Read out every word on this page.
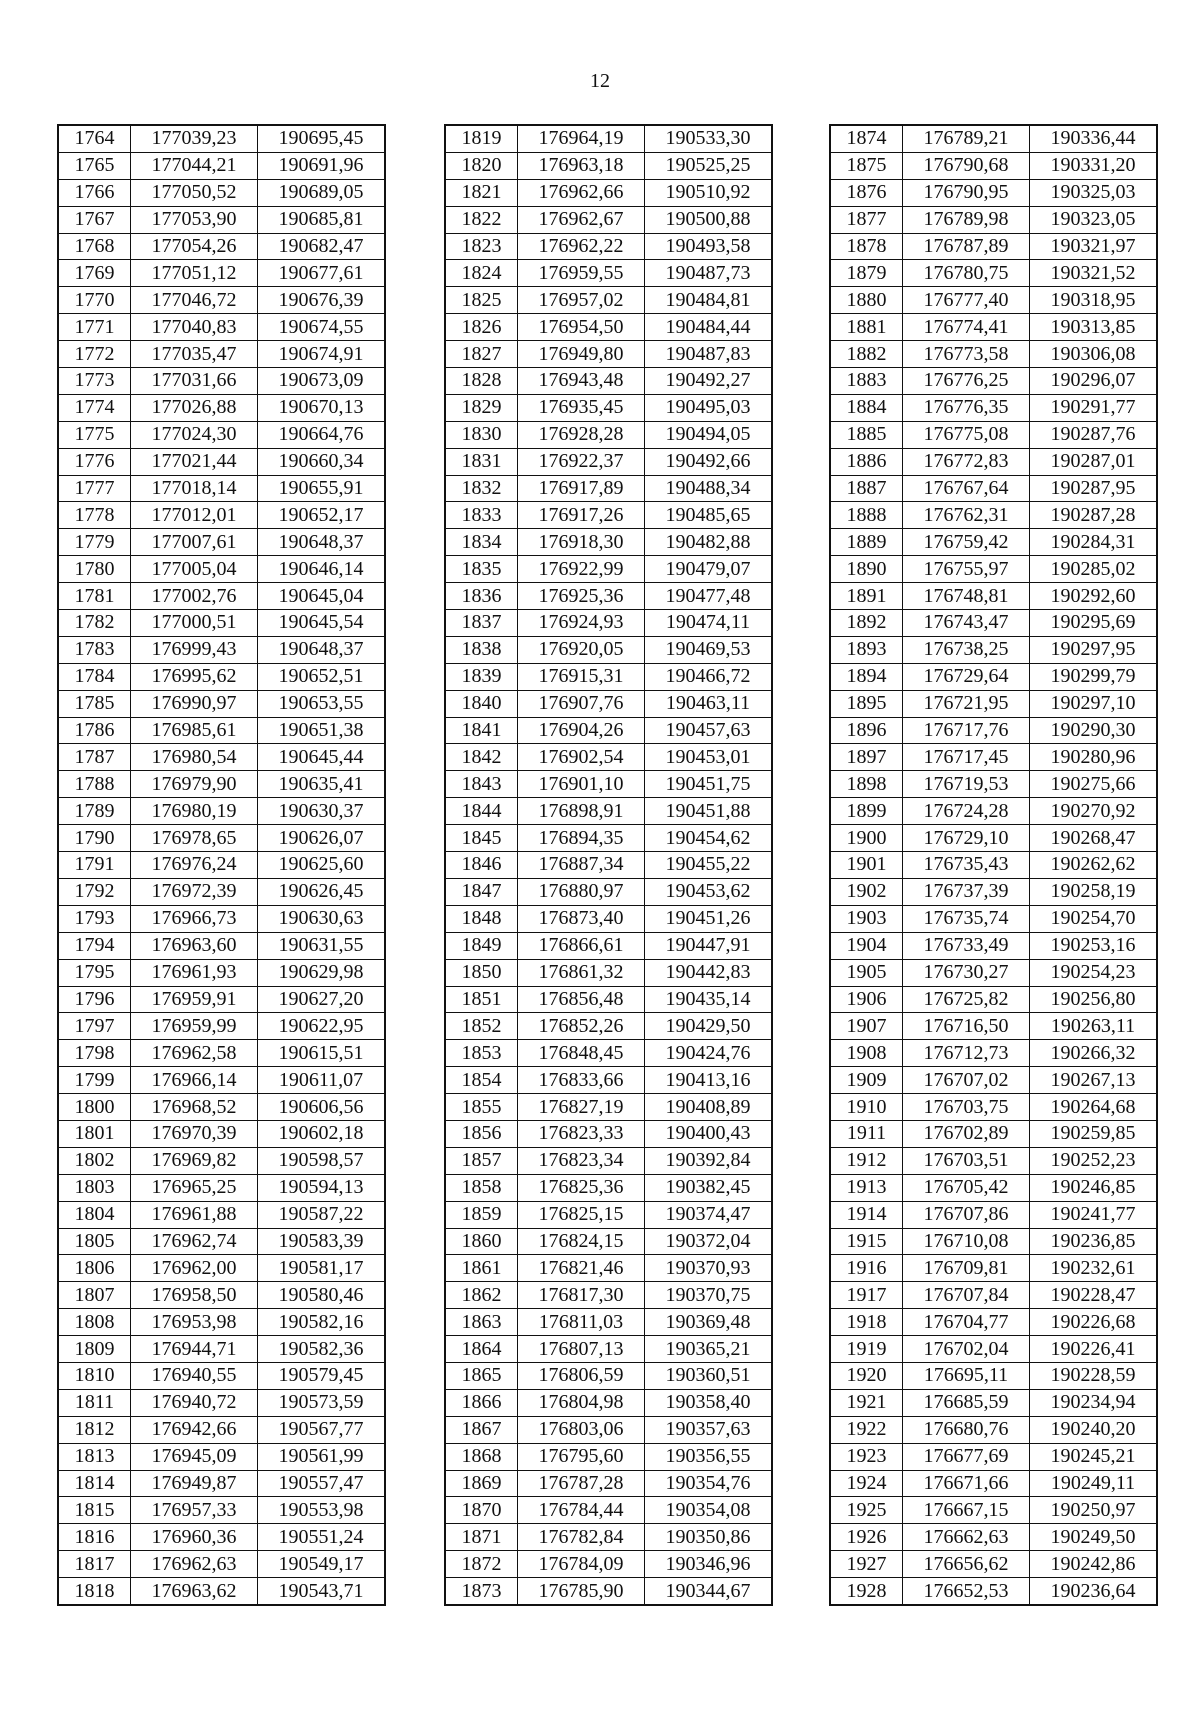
12
1764	177039,23	190695,45
1765	177044,21	190691,96
1766	177050,52	190689,05
1767	177053,90	190685,81
1768	177054,26	190682,47
1769	177051,12	190677,61
1770	177046,72	190676,39
1771	177040,83	190674,55
1772	177035,47	190674,91
1773	177031,66	190673,09
1774	177026,88	190670,13
1775	177024,30	190664,76
1776	177021,44	190660,34
1777	177018,14	190655,91
1778	177012,01	190652,17
1779	177007,61	190648,37
1780	177005,04	190646,14
1781	177002,76	190645,04
1782	177000,51	190645,54
1783	176999,43	190648,37
1784	176995,62	190652,51
1785	176990,97	190653,55
1786	176985,61	190651,38
1787	176980,54	190645,44
1788	176979,90	190635,41
1789	176980,19	190630,37
1790	176978,65	190626,07
1791	176976,24	190625,60
1792	176972,39	190626,45
1793	176966,73	190630,63
1794	176963,60	190631,55
1795	176961,93	190629,98
1796	176959,91	190627,20
1797	176959,99	190622,95
1798	176962,58	190615,51
1799	176966,14	190611,07
1800	176968,52	190606,56
1801	176970,39	190602,18
1802	176969,82	190598,57
1803	176965,25	190594,13
1804	176961,88	190587,22
1805	176962,74	190583,39
1806	176962,00	190581,17
1807	176958,50	190580,46
1808	176953,98	190582,16
1809	176944,71	190582,36
1810	176940,55	190579,45
1811	176940,72	190573,59
1812	176942,66	190567,77
1813	176945,09	190561,99
1814	176949,87	190557,47
1815	176957,33	190553,98
1816	176960,36	190551,24
1817	176962,63	190549,17
1818	176963,62	190543,71
1819	176964,19	190533,30
1820	176963,18	190525,25
1821	176962,66	190510,92
1822	176962,67	190500,88
1823	176962,22	190493,58
1824	176959,55	190487,73
1825	176957,02	190484,81
1826	176954,50	190484,44
1827	176949,80	190487,83
1828	176943,48	190492,27
1829	176935,45	190495,03
1830	176928,28	190494,05
1831	176922,37	190492,66
1832	176917,89	190488,34
1833	176917,26	190485,65
1834	176918,30	190482,88
1835	176922,99	190479,07
1836	176925,36	190477,48
1837	176924,93	190474,11
1838	176920,05	190469,53
1839	176915,31	190466,72
1840	176907,76	190463,11
1841	176904,26	190457,63
1842	176902,54	190453,01
1843	176901,10	190451,75
1844	176898,91	190451,88
1845	176894,35	190454,62
1846	176887,34	190455,22
1847	176880,97	190453,62
1848	176873,40	190451,26
1849	176866,61	190447,91
1850	176861,32	190442,83
1851	176856,48	190435,14
1852	176852,26	190429,50
1853	176848,45	190424,76
1854	176833,66	190413,16
1855	176827,19	190408,89
1856	176823,33	190400,43
1857	176823,34	190392,84
1858	176825,36	190382,45
1859	176825,15	190374,47
1860	176824,15	190372,04
1861	176821,46	190370,93
1862	176817,30	190370,75
1863	176811,03	190369,48
1864	176807,13	190365,21
1865	176806,59	190360,51
1866	176804,98	190358,40
1867	176803,06	190357,63
1868	176795,60	190356,55
1869	176787,28	190354,76
1870	176784,44	190354,08
1871	176782,84	190350,86
1872	176784,09	190346,96
1873	176785,90	190344,67
1874	176789,21	190336,44
1875	176790,68	190331,20
1876	176790,95	190325,03
1877	176789,98	190323,05
1878	176787,89	190321,97
1879	176780,75	190321,52
1880	176777,40	190318,95
1881	176774,41	190313,85
1882	176773,58	190306,08
1883	176776,25	190296,07
1884	176776,35	190291,77
1885	176775,08	190287,76
1886	176772,83	190287,01
1887	176767,64	190287,95
1888	176762,31	190287,28
1889	176759,42	190284,31
1890	176755,97	190285,02
1891	176748,81	190292,60
1892	176743,47	190295,69
1893	176738,25	190297,95
1894	176729,64	190299,79
1895	176721,95	190297,10
1896	176717,76	190290,30
1897	176717,45	190280,96
1898	176719,53	190275,66
1899	176724,28	190270,92
1900	176729,10	190268,47
1901	176735,43	190262,62
1902	176737,39	190258,19
1903	176735,74	190254,70
1904	176733,49	190253,16
1905	176730,27	190254,23
1906	176725,82	190256,80
1907	176716,50	190263,11
1908	176712,73	190266,32
1909	176707,02	190267,13
1910	176703,75	190264,68
1911	176702,89	190259,85
1912	176703,51	190252,23
1913	176705,42	190246,85
1914	176707,86	190241,77
1915	176710,08	190236,85
1916	176709,81	190232,61
1917	176707,84	190228,47
1918	176704,77	190226,68
1919	176702,04	190226,41
1920	176695,11	190228,59
1921	176685,59	190234,94
1922	176680,76	190240,20
1923	176677,69	190245,21
1924	176671,66	190249,11
1925	176667,15	190250,97
1926	176662,63	190249,50
1927	176656,62	190242,86
1928	176652,53	190236,64
